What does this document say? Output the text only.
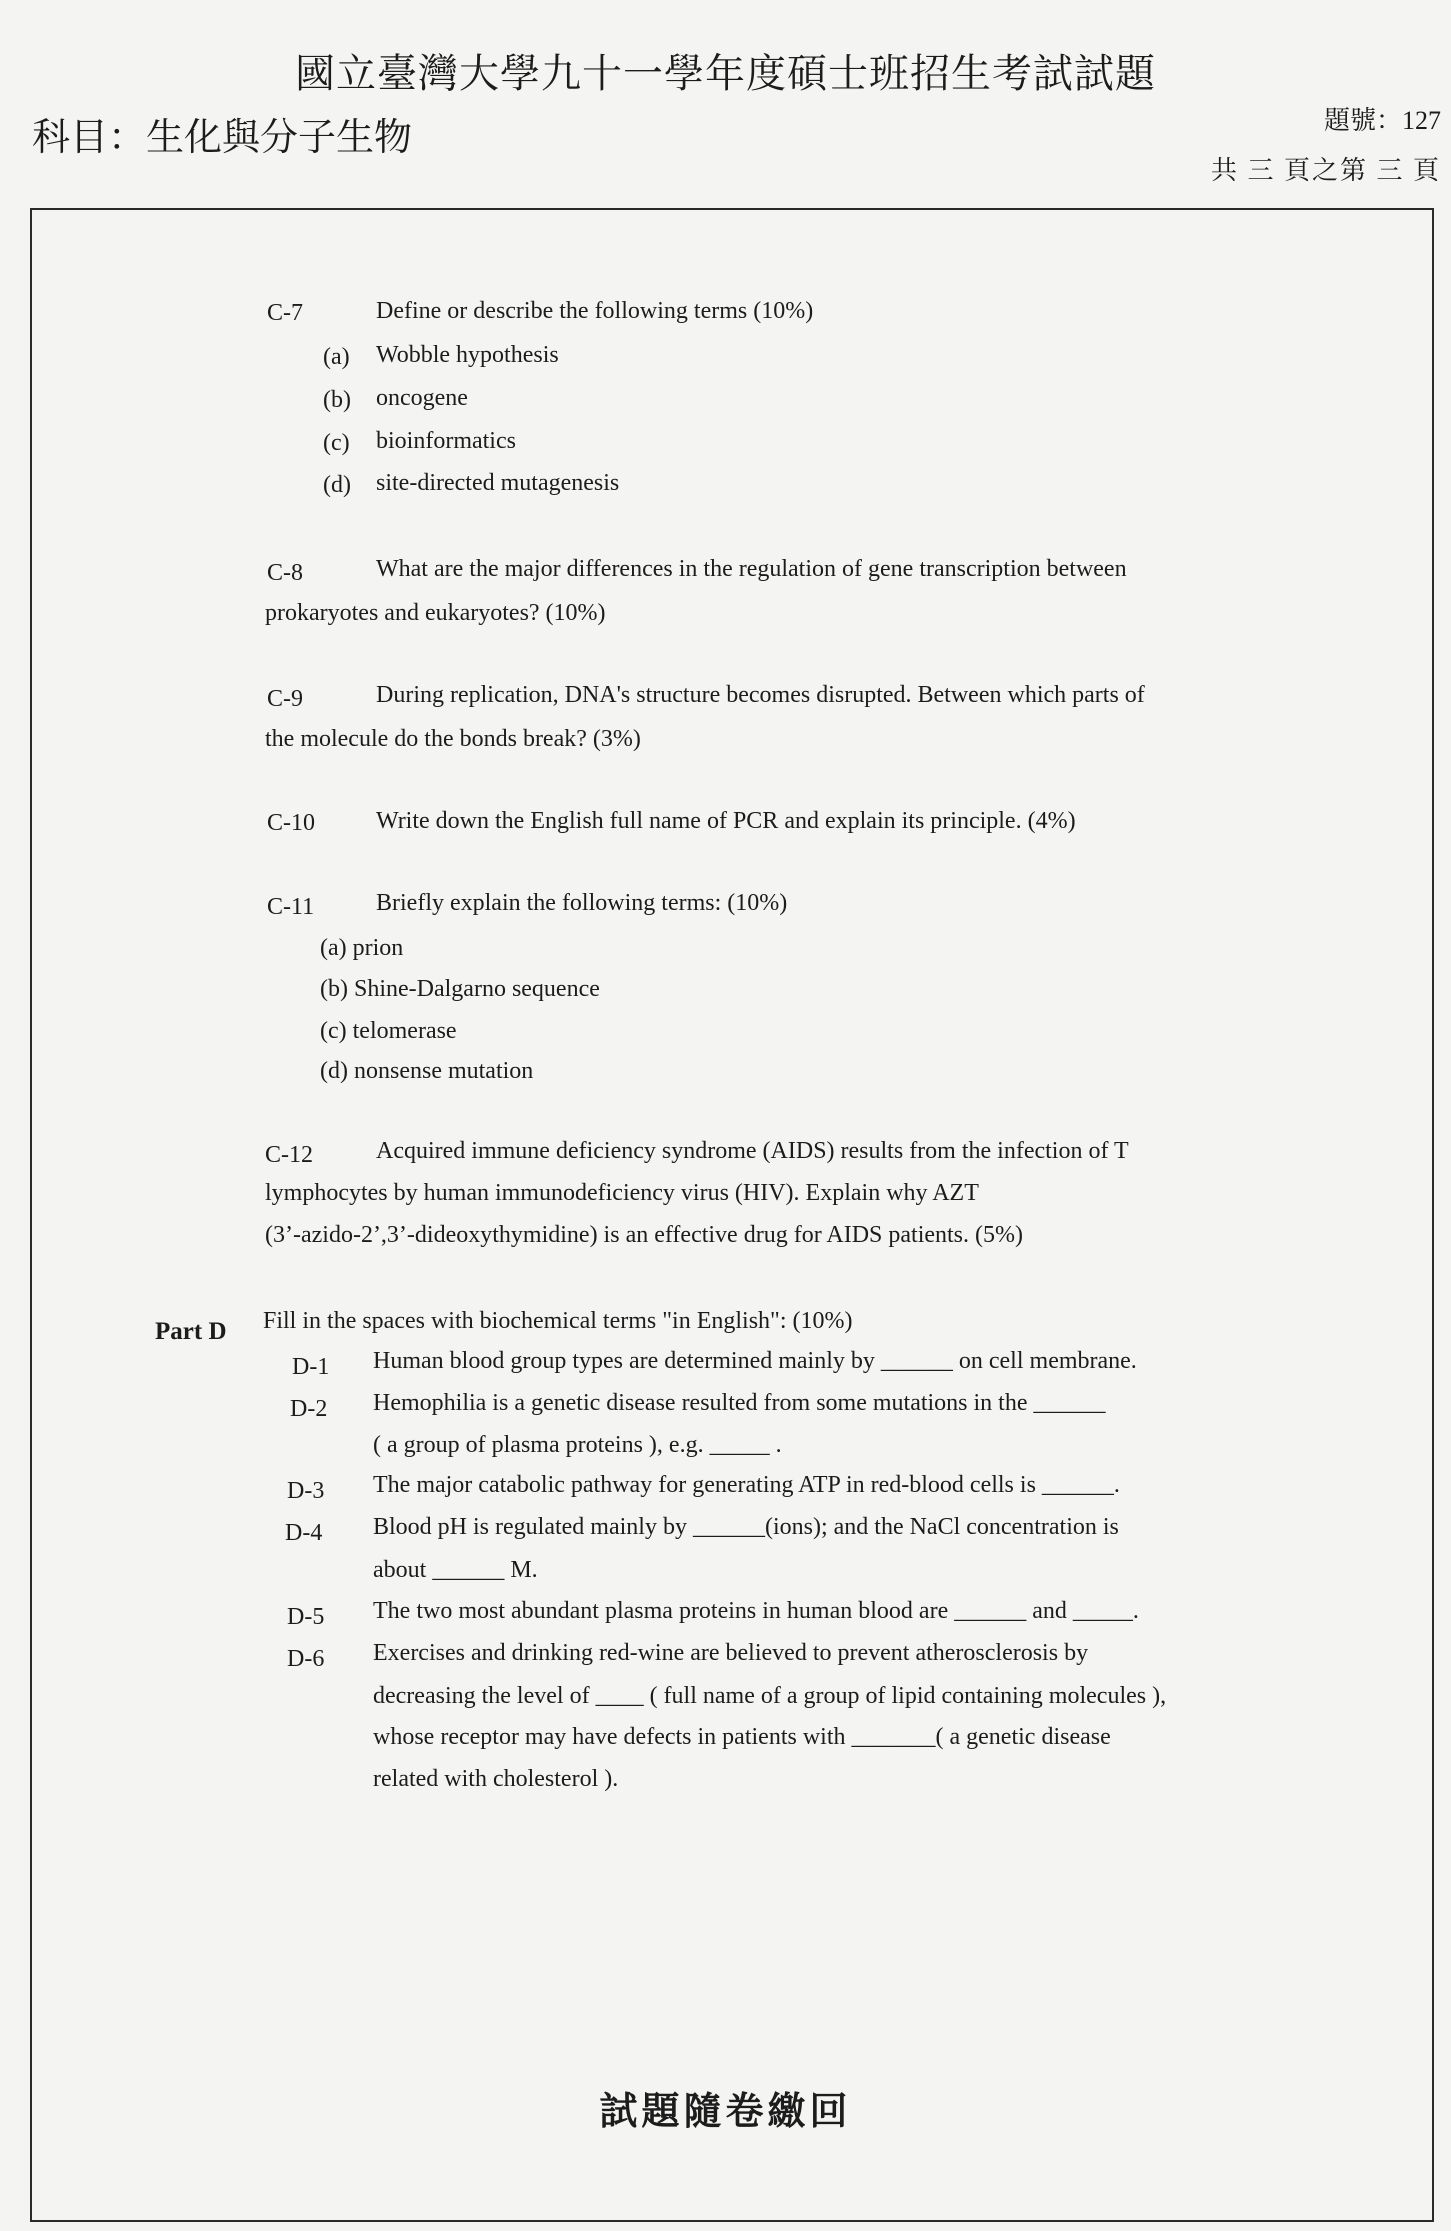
國立臺灣大學九十一學年度碩士班招生考試試題
科目：生化與分子生物	題號：127
共 三 頁之第 三 頁
C-7	Define or describe the following terms (10%)
(a) Wobble hypothesis
(b) oncogene
(c) bioinformatics
(d) site-directed mutagenesis
C-8	What are the major differences in the regulation of gene transcription between
prokaryotes and eukaryotes? (10%)
C-9	During replication, DNA's structure becomes disrupted. Between which parts of
the molecule do the bonds break? (3%)
C-10	Write down the English full name of PCR and explain its principle. (4%)
C-11	Briefly explain the following terms: (10%)
(a) prion
(b) Shine-Dalgarno sequence
(c) telomerase
(d) nonsense mutation
C-12	Acquired immune deficiency syndrome (AIDS) results from the infection of T
lymphocytes by human immunodeficiency virus (HIV). Explain why AZT
(3’-azido-2’,3’-dideoxythymidine) is an effective drug for AIDS patients. (5%)
Part D Fill in the spaces with biochemical terms "in English": (10%)
D-1 Human blood group types are determined mainly by ______ on cell membrane.
D-2 Hemophilia is a genetic disease resulted from some mutations in the ______
( a group of plasma proteins ), e.g. _____ .
D-3 The major catabolic pathway for generating ATP in red-blood cells is ______.
D-4 Blood pH is regulated mainly by ______(ions); and the NaCl concentration is
about ______ M.
D-5 The two most abundant plasma proteins in human blood are ______ and _____.
D-6 Exercises and drinking red-wine are believed to prevent atherosclerosis by
decreasing the level of ____ ( full name of a group of lipid containing molecules ),
whose receptor may have defects in patients with _______( a genetic disease
related with cholesterol ).
試題隨卷繳回
